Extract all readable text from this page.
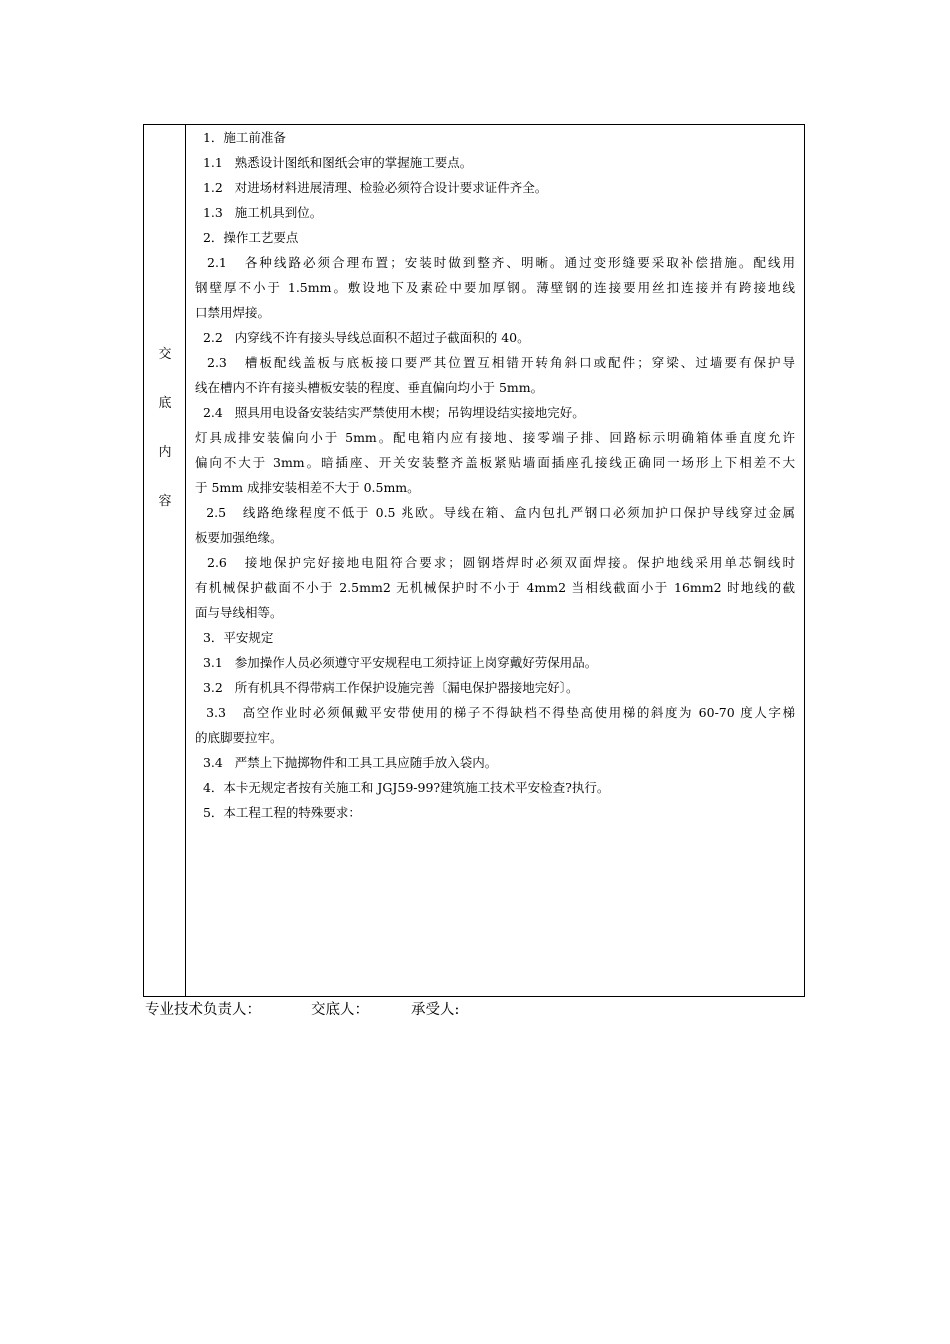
交
底
内
容
1．施工前准备
1.1   熟悉设计图纸和图纸会审的掌握施工要点。
1.2   对进场材料进展清理、检验必须符合设计要求证件齐全。
1.3   施工机具到位。
2．操作工艺要点
2.1   各种线路必须合理布置；安装时做到整齐、明晰。通过变形缝要采取补偿措施。配线用
钢壁厚不小于 1.5mm。敷设地下及素砼中要加厚钢。薄壁钢的连接要用丝扣连接并有跨接地线
口禁用焊接。
2.2   内穿线不许有接头导线总面积不超过子截面积的 40。
2.3   槽板配线盖板与底板接口要严其位置互相错开转角斜口或配件；穿梁、过墙要有保护导
线在槽内不许有接头槽板安装的程度、垂直偏向均小于 5mm。
2.4   照具用电设备安装结实严禁使用木楔；吊钩埋设结实接地完好。
灯具成排安装偏向小于 5mm。配电箱内应有接地、接零端子排、回路标示明确箱体垂直度允许
偏向不大于 3mm。暗插座、开关安装整齐盖板紧贴墙面插座孔接线正确同一场形上下相差不大
于 5mm 成排安装相差不大于 0.5mm。
2.5   线路绝缘程度不低于 0.5 兆欧。导线在箱、盒内包扎严钢口必须加护口保护导线穿过金属
板要加强绝缘。
2.6   接地保护完好接地电阻符合要求；圆钢塔焊时必须双面焊接。保护地线采用单芯铜线时
有机械保护截面不小于 2.5mm2 无机械保护时不小于 4mm2 当相线截面小于 16mm2 时地线的截
面与导线相等。
3．平安规定
3.1   参加操作人员必须遵守平安规程电工须持证上岗穿戴好劳保用品。
3.2   所有机具不得带病工作保护设施完善〔漏电保护器接地完好〕。
3.3   高空作业时必须佩戴平安带使用的梯子不得缺档不得垫高使用梯的斜度为 60-70 度人字梯
的底脚要拉牢。
3.4   严禁上下抛掷物件和工具工具应随手放入袋内。
4．本卡无规定者按有关施工和 JGJ59-99?建筑施工技术平安检查?执行。
5．本工程工程的特殊要求：

专业技术负责人：

	交底人：

	承受人:
